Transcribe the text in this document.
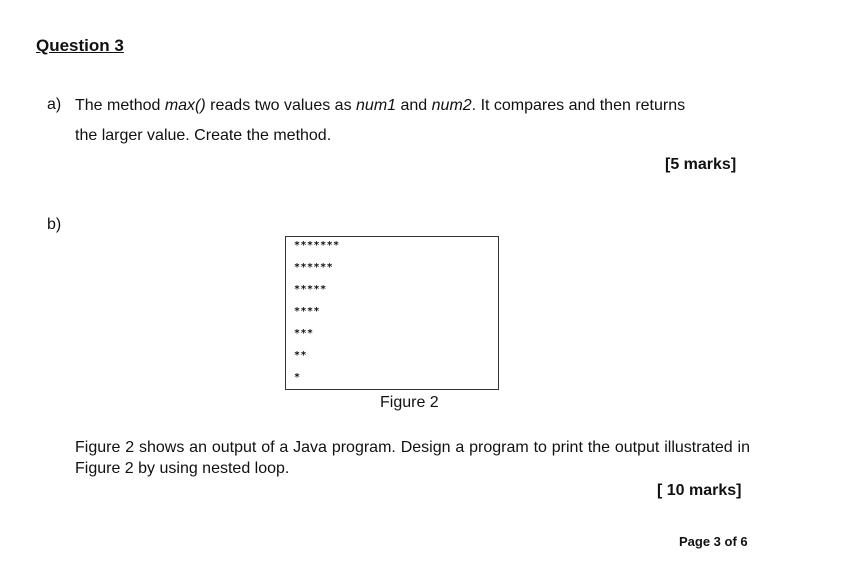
Question 3
a) The method max() reads two values as num1 and num2. It compares and then returns
the larger value. Create the method.
[5 marks]
b)
*******
******
*****
****
***
**
*
Figure 2
Figure 2 shows an output of a Java program. Design a program to print the output illustrated in Figure 2 by using nested loop.
[ 10 marks]
Page 3 of 6
